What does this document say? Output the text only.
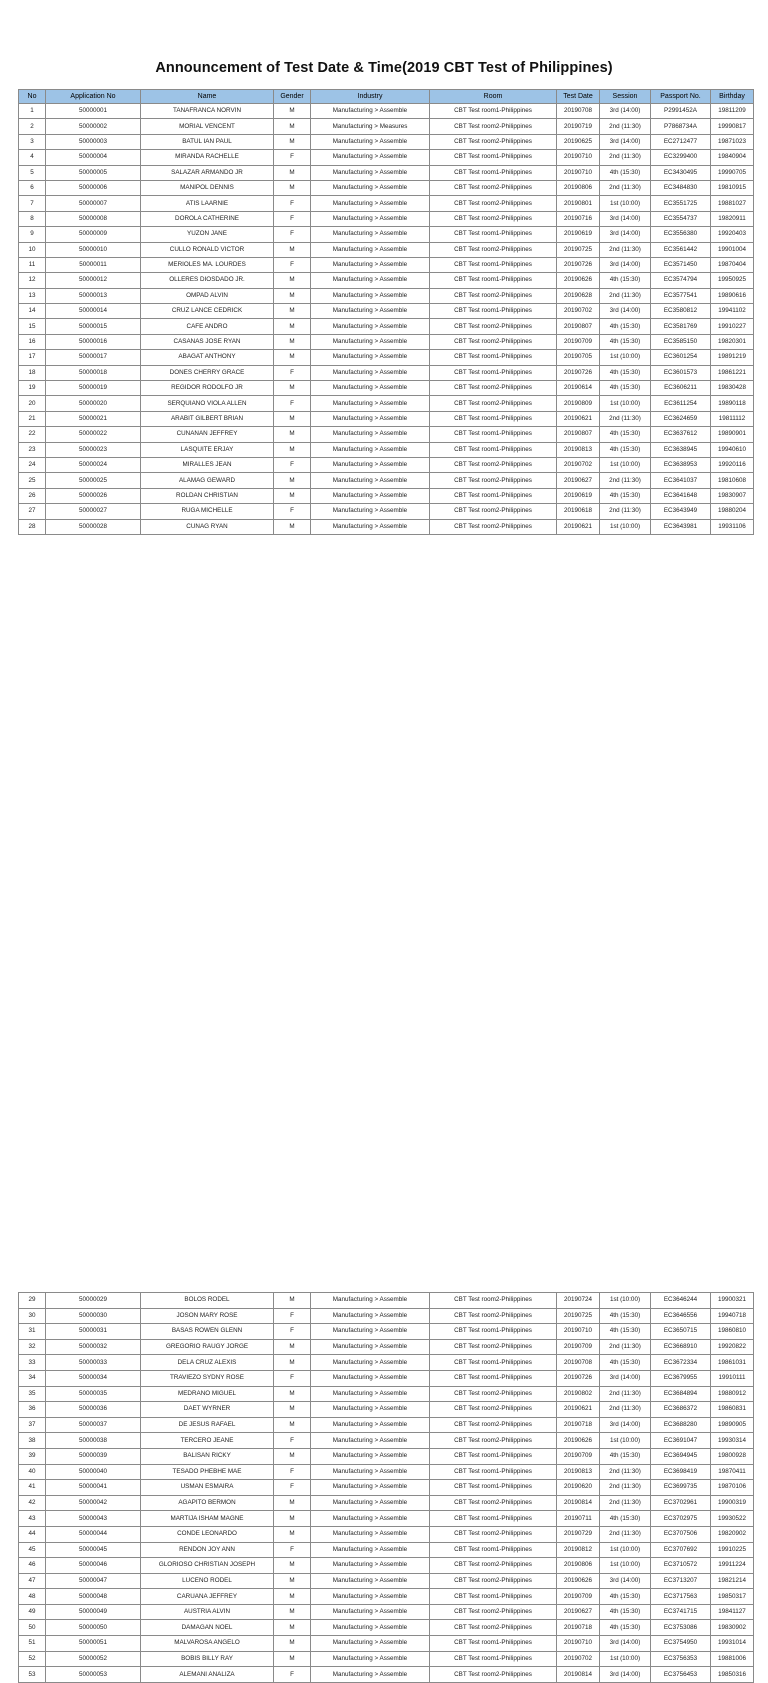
Announcement of Test Date & Time(2019 CBT Test of Philippines)
No	Application No	Name	Gender	Industry	Room	Test Date	Session	Passport No.	Birthday
1	50000001	TANAFRANCA NORVIN	M	Manufacturing > Assemble	CBT Test room1-Philippines	20190708	3rd (14:00)	P2991452A	19811209
2	50000002	MORIAL VENCENT	M	Manufacturing > Measures	CBT Test room2-Philippines	20190719	2nd (11:30)	P7868734A	19990817
3	50000003	BATUL IAN PAUL	M	Manufacturing > Assemble	CBT Test room2-Philippines	20190625	3rd (14:00)	EC2712477	19871023
4	50000004	MIRANDA RACHELLE	F	Manufacturing > Assemble	CBT Test room1-Philippines	20190710	2nd (11:30)	EC3299400	19840904
5	50000005	SALAZAR ARMANDO JR	M	Manufacturing > Assemble	CBT Test room1-Philippines	20190710	4th (15:30)	EC3430495	19990705
6	50000006	MANIPOL DENNIS	M	Manufacturing > Assemble	CBT Test room2-Philippines	20190806	2nd (11:30)	EC3484830	19810915
7	50000007	ATIS LAARNIE	F	Manufacturing > Assemble	CBT Test room2-Philippines	20190801	1st (10:00)	EC3551725	19881027
8	50000008	DOROLA CATHERINE	F	Manufacturing > Assemble	CBT Test room2-Philippines	20190716	3rd (14:00)	EC3554737	19820911
9	50000009	YUZON JANE	F	Manufacturing > Assemble	CBT Test room1-Philippines	20190619	3rd (14:00)	EC3556380	19920403
10	50000010	CULLO RONALD VICTOR	M	Manufacturing > Assemble	CBT Test room2-Philippines	20190725	2nd (11:30)	EC3561442	19901004
11	50000011	MERIOLES MA. LOURDES	F	Manufacturing > Assemble	CBT Test room1-Philippines	20190726	3rd (14:00)	EC3571450	19870404
12	50000012	OLLERES DIOSDADO JR.	M	Manufacturing > Assemble	CBT Test room1-Philippines	20190626	4th (15:30)	EC3574794	19950925
13	50000013	OMPAD ALVIN	M	Manufacturing > Assemble	CBT Test room2-Philippines	20190628	2nd (11:30)	EC3577541	19890616
14	50000014	CRUZ LANCE CEDRICK	M	Manufacturing > Assemble	CBT Test room1-Philippines	20190702	3rd (14:00)	EC3580812	19941102
15	50000015	CAFE ANDRO	M	Manufacturing > Assemble	CBT Test room2-Philippines	20190807	4th (15:30)	EC3581769	19910227
16	50000016	CASANAS JOSE RYAN	M	Manufacturing > Assemble	CBT Test room2-Philippines	20190709	4th (15:30)	EC3585150	19820301
17	50000017	ABAGAT ANTHONY	M	Manufacturing > Assemble	CBT Test room1-Philippines	20190705	1st (10:00)	EC3601254	19891219
18	50000018	DONES CHERRY GRACE	F	Manufacturing > Assemble	CBT Test room1-Philippines	20190726	4th (15:30)	EC3601573	19861221
19	50000019	REGIDOR RODOLFO JR	M	Manufacturing > Assemble	CBT Test room2-Philippines	20190614	4th (15:30)	EC3606211	19830428
20	50000020	SERQUIANO VIOLA ALLEN	F	Manufacturing > Assemble	CBT Test room2-Philippines	20190809	1st (10:00)	EC3611254	19890118
21	50000021	ARABIT GILBERT BRIAN	M	Manufacturing > Assemble	CBT Test room1-Philippines	20190621	2nd (11:30)	EC3624659	19811112
22	50000022	CUNANAN JEFFREY	M	Manufacturing > Assemble	CBT Test room1-Philippines	20190807	4th (15:30)	EC3637612	19890901
23	50000023	LASQUITE ERJAY	M	Manufacturing > Assemble	CBT Test room1-Philippines	20190813	4th (15:30)	EC3638945	19940610
24	50000024	MIRALLES JEAN	F	Manufacturing > Assemble	CBT Test room2-Philippines	20190702	1st (10:00)	EC3638953	19920116
25	50000025	ALAMAG GEWARD	M	Manufacturing > Assemble	CBT Test room2-Philippines	20190627	2nd (11:30)	EC3641037	19810608
26	50000026	ROLDAN CHRISTIAN	M	Manufacturing > Assemble	CBT Test room1-Philippines	20190619	4th (15:30)	EC3641648	19830907
27	50000027	RUGA MICHELLE	F	Manufacturing > Assemble	CBT Test room2-Philippines	20190618	2nd (11:30)	EC3643949	19880204
28	50000028	CUNAG RYAN	M	Manufacturing > Assemble	CBT Test room2-Philippines	20190621	1st (10:00)	EC3643981	19931106
29	50000029	BOLOS RODEL	M	Manufacturing > Assemble	CBT Test room2-Philippines	20190724	1st (10:00)	EC3646244	19900321
30	50000030	JOSON MARY ROSE	F	Manufacturing > Assemble	CBT Test room2-Philippines	20190725	4th (15:30)	EC3646556	19940718
31	50000031	BASAS ROWEN GLENN	F	Manufacturing > Assemble	CBT Test room1-Philippines	20190710	4th (15:30)	EC3650715	19860810
32	50000032	GREGORIO RAUGY JORGE	M	Manufacturing > Assemble	CBT Test room2-Philippines	20190709	2nd (11:30)	EC3668910	19920822
33	50000033	DELA CRUZ ALEXIS	M	Manufacturing > Assemble	CBT Test room1-Philippines	20190708	4th (15:30)	EC3672334	19861031
34	50000034	TRAVIEZO SYDNY ROSE	F	Manufacturing > Assemble	CBT Test room1-Philippines	20190726	3rd (14:00)	EC3679955	19910111
35	50000035	MEDRANO MIGUEL	M	Manufacturing > Assemble	CBT Test room2-Philippines	20190802	2nd (11:30)	EC3684894	19880912
36	50000036	DAET WYRNER	M	Manufacturing > Assemble	CBT Test room2-Philippines	20190621	2nd (11:30)	EC3686372	19860831
37	50000037	DE JESUS RAFAEL	M	Manufacturing > Assemble	CBT Test room2-Philippines	20190718	3rd (14:00)	EC3688280	19890905
38	50000038	TERCERO JEANE	F	Manufacturing > Assemble	CBT Test room2-Philippines	20190626	1st (10:00)	EC3691047	19930314
39	50000039	BALISAN RICKY	M	Manufacturing > Assemble	CBT Test room1-Philippines	20190709	4th (15:30)	EC3694945	19800928
40	50000040	TESADO PHEBHE MAE	F	Manufacturing > Assemble	CBT Test room1-Philippines	20190813	2nd (11:30)	EC3698419	19870411
41	50000041	USMAN ESMAIRA	F	Manufacturing > Assemble	CBT Test room1-Philippines	20190620	2nd (11:30)	EC3699735	19870106
42	50000042	AGAPITO BERMON	M	Manufacturing > Assemble	CBT Test room2-Philippines	20190814	2nd (11:30)	EC3702961	19900319
43	50000043	MARTIJA ISHAM MAGNE	M	Manufacturing > Assemble	CBT Test room1-Philippines	20190711	4th (15:30)	EC3702975	19930522
44	50000044	CONDE LEONARDO	M	Manufacturing > Assemble	CBT Test room2-Philippines	20190729	2nd (11:30)	EC3707506	19820902
45	50000045	RENDON JOY ANN	F	Manufacturing > Assemble	CBT Test room1-Philippines	20190812	1st (10:00)	EC3707692	19910225
46	50000046	GLORIOSO CHRISTIAN JOSEPH	M	Manufacturing > Assemble	CBT Test room2-Philippines	20190806	1st (10:00)	EC3710572	19911224
47	50000047	LUCENO RODEL	M	Manufacturing > Assemble	CBT Test room2-Philippines	20190626	3rd (14:00)	EC3713207	19821214
48	50000048	CARUANA JEFFREY	M	Manufacturing > Assemble	CBT Test room1-Philippines	20190709	4th (15:30)	EC3717563	19850317
49	50000049	AUSTRIA ALVIN	M	Manufacturing > Assemble	CBT Test room2-Philippines	20190627	4th (15:30)	EC3741715	19841127
50	50000050	DAMAGAN NOEL	M	Manufacturing > Assemble	CBT Test room2-Philippines	20190718	4th (15:30)	EC3753086	19830902
51	50000051	MALVAROSA ANGELO	M	Manufacturing > Assemble	CBT Test room1-Philippines	20190710	3rd (14:00)	EC3754950	19931014
52	50000052	BOBIS BILLY RAY	M	Manufacturing > Assemble	CBT Test room1-Philippines	20190702	1st (10:00)	EC3756353	19881006
53	50000053	ALEMANI ANALIZA	F	Manufacturing > Assemble	CBT Test room2-Philippines	20190814	3rd (14:00)	EC3756453	19850316
